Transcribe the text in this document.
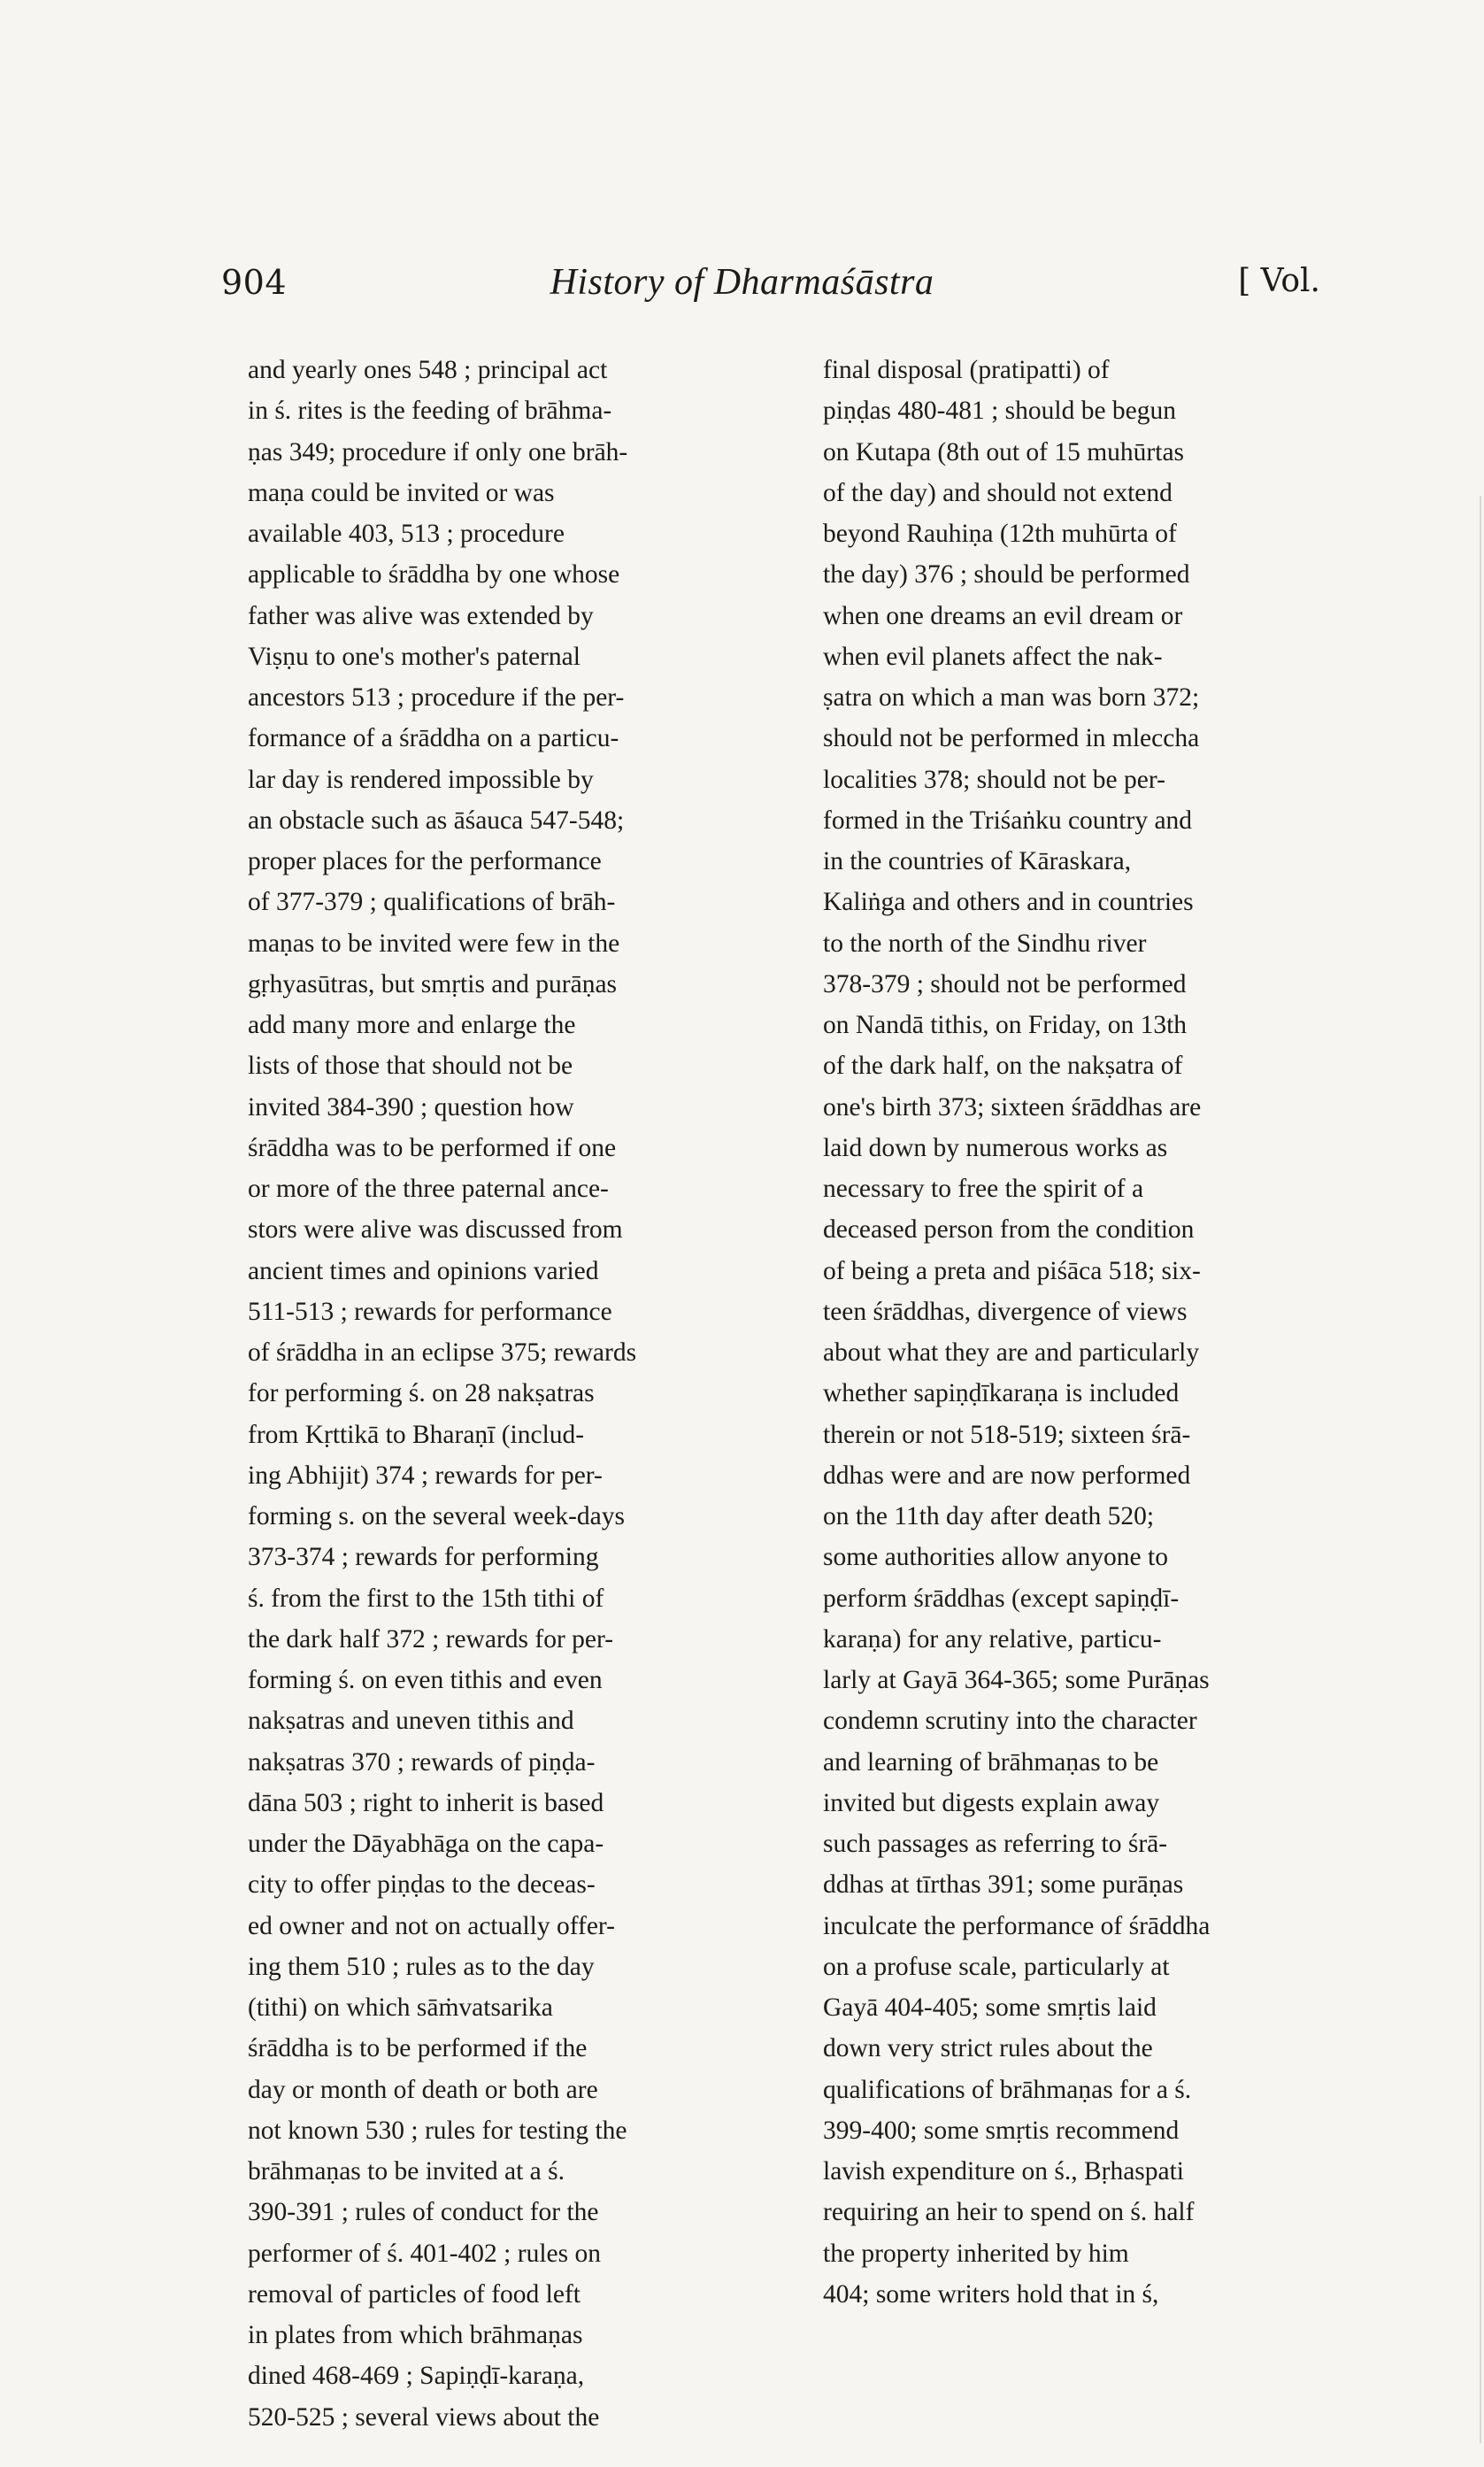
904	History of Dharmaśāstra	[ Vol.
and yearly ones 548 ; principal act
in ś. rites is the feeding of brāhma-
ṇas 349; procedure if only one brāh-
maṇa could be invited or was
available 403, 513 ; procedure
applicable to śrāddha by one whose
father was alive was extended by
Viṣṇu to one's mother's paternal
ancestors 513 ; procedure if the per-
formance of a śrāddha on a particu-
lar day is rendered impossible by
an obstacle such as āśauca 547-548;
proper places for the performance
of 377-379 ; qualifications of brāh-
maṇas to be invited were few in the
gṛhyasūtras, but smṛtis and purāṇas
add many more and enlarge the
lists of those that should not be
invited 384-390 ; question how
śrāddha was to be performed if one
or more of the three paternal ance-
stors were alive was discussed from
ancient times and opinions varied
511-513 ; rewards for performance
of śrāddha in an eclipse 375; rewards
for performing ś. on 28 nakṣatras
from Kṛttikā to Bharaṇī (includ-
ing Abhijit) 374 ; rewards for per-
forming s. on the several week-days
373-374 ; rewards for performing
ś. from the first to the 15th tithi of
the dark half 372 ; rewards for per-
forming ś. on even tithis and even
nakṣatras and uneven tithis and
nakṣatras 370 ; rewards of piṇḍa-
dāna 503 ; right to inherit is based
under the Dāyabhāga on the capa-
city to offer piṇḍas to the deceas-
ed owner and not on actually offer-
ing them 510 ; rules as to the day
(tithi) on which sāṁvatsarika
śrāddha is to be performed if the
day or month of death or both are
not known 530 ; rules for testing the
brāhmaṇas to be invited at a ś.
390-391 ; rules of conduct for the
performer of ś. 401-402 ; rules on
removal of particles of food left
in plates from which brāhmaṇas
dined 468-469 ; Sapiṇḍī-karaṇa,
520-525 ; several views about the
final disposal (pratipatti) of
piṇḍas 480-481 ; should be begun
on Kutapa (8th out of 15 muhūrtas
of the day) and should not extend
beyond Rauhiṇa (12th muhūrta of
the day) 376 ; should be performed
when one dreams an evil dream or
when evil planets affect the nak-
ṣatra on which a man was born 372;
should not be performed in mleccha
localities 378; should not be per-
formed in the Triśaṅku country and
in the countries of Kāraskara,
Kaliṅga and others and in countries
to the north of the Sindhu river
378-379 ; should not be performed
on Nandā tithis, on Friday, on 13th
of the dark half, on the nakṣatra of
one's birth 373; sixteen śrāddhas are
laid down by numerous works as
necessary to free the spirit of a
deceased person from the condition
of being a preta and piśāca 518; six-
teen śrāddhas, divergence of views
about what they are and particularly
whether sapiṇḍīkaraṇa is included
therein or not 518-519; sixteen śrā-
ddhas were and are now performed
on the 11th day after death 520;
some authorities allow anyone to
perform śrāddhas (except sapiṇḍī-
karaṇa) for any relative, particu-
larly at Gayā 364-365; some Purāṇas
condemn scrutiny into the character
and learning of brāhmaṇas to be
invited but digests explain away
such passages as referring to śrā-
ddhas at tīrthas 391; some purāṇas
inculcate the performance of śrāddha
on a profuse scale, particularly at
Gayā 404-405; some smṛtis laid
down very strict rules about the
qualifications of brāhmaṇas for a ś.
399-400; some smṛtis recommend
lavish expenditure on ś., Bṛhaspati
requiring an heir to spend on ś. half
the property inherited by him
404; some writers hold that in ś,
